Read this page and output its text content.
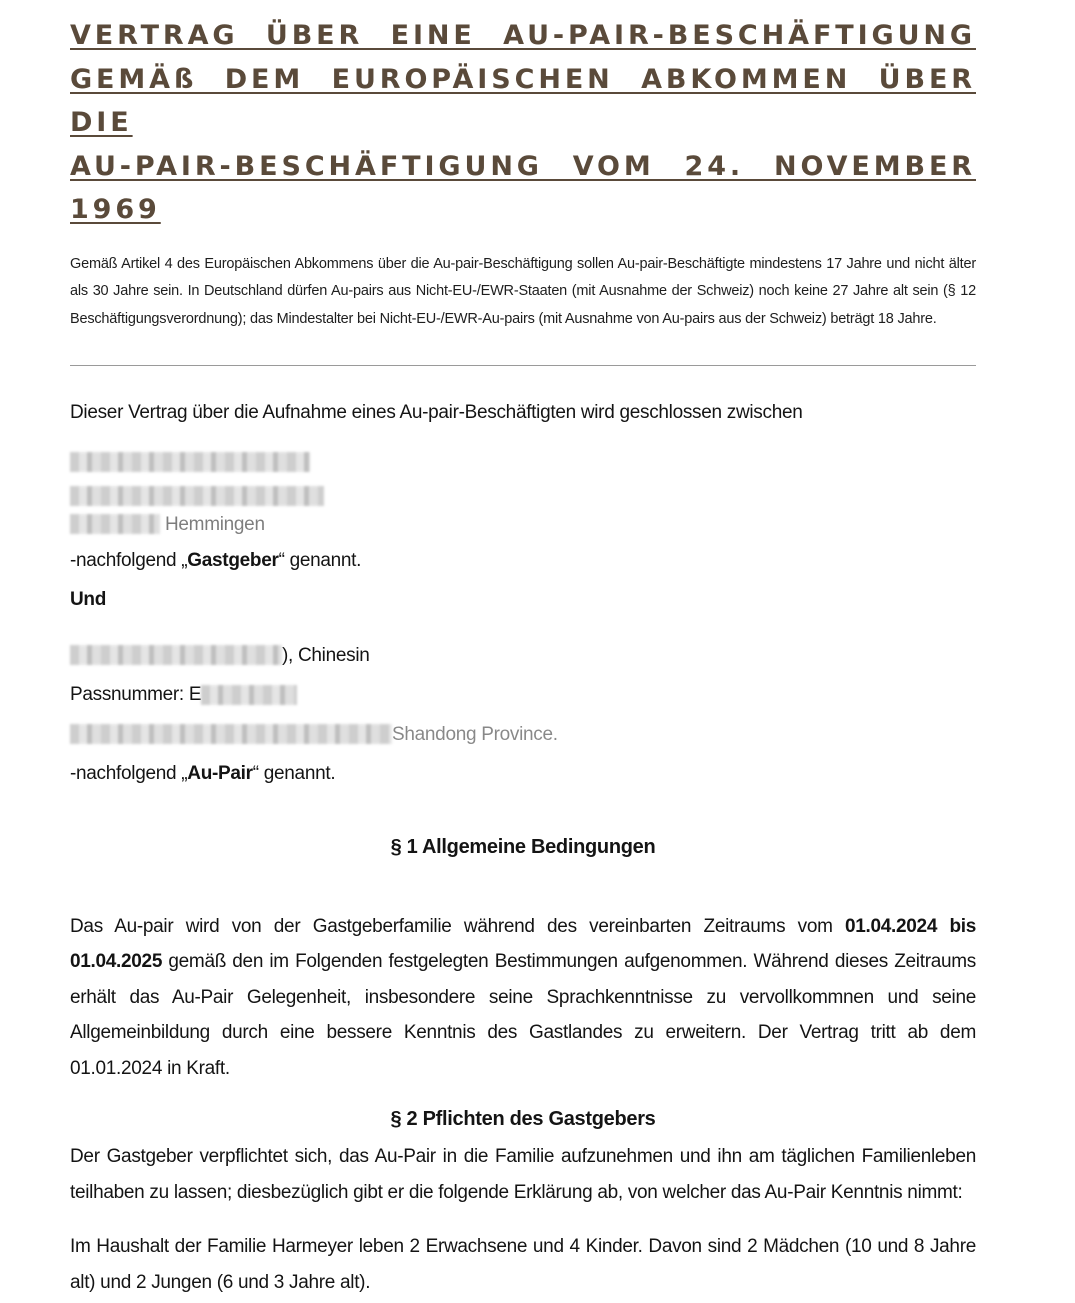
VERTRAG ÜBER EINE AU-PAIR-BESCHÄFTIGUNG
GEMÄß DEM EUROPÄISCHEN ABKOMMEN ÜBER DIE
AU-PAIR-BESCHÄFTIGUNG VOM 24. NOVEMBER 1969

Gemäß Artikel 4 des Europäischen Abkommens über die Au-pair-Beschäftigung sollen Au-pair-Beschäftigte mindestens 17 Jahre und nicht älter als 30 Jahre sein. In Deutschland dürfen Au-pairs aus Nicht-EU-/EWR-Staaten (mit Ausnahme der Schweiz) noch keine 27 Jahre alt sein (§ 12 Beschäftigungsverordnung); das Mindestalter bei Nicht-EU-/EWR-Au-pairs (mit Ausnahme von Au-pairs aus der Schweiz) beträgt 18 Jahre.

Dieser Vertrag über die Aufnahme eines Au-pair-Beschäftigten wird geschlossen zwischen

Hemmingen

-nachfolgend „Gastgeber“ genannt.

Und

), Chinesin

Passnummer: E

Shandong Province.

-nachfolgend „Au-Pair“ genannt.

§ 1 Allgemeine Bedingungen

Das Au-pair wird von der Gastgeberfamilie während des vereinbarten Zeitraums vom 01.04.2024 bis 01.04.2025 gemäß den im Folgenden festgelegten Bestimmungen aufgenommen. Während dieses Zeitraums erhält das Au-Pair Gelegenheit, insbesondere seine Sprachkenntnisse zu vervollkommnen und seine Allgemeinbildung durch eine bessere Kenntnis des Gastlandes zu erweitern. Der Vertrag tritt ab dem 01.01.2024 in Kraft.

§ 2 Pflichten des Gastgebers

Der Gastgeber verpflichtet sich, das Au-Pair in die Familie aufzunehmen und ihn am täglichen Familienleben teilhaben zu lassen; diesbezüglich gibt er die folgende Erklärung ab, von welcher das Au-Pair Kenntnis nimmt:

Im Haushalt der Familie Harmeyer leben 2 Erwachsene und 4 Kinder. Davon sind 2 Mädchen (10 und 8 Jahre alt) und 2 Jungen (6 und 3 Jahre alt).
